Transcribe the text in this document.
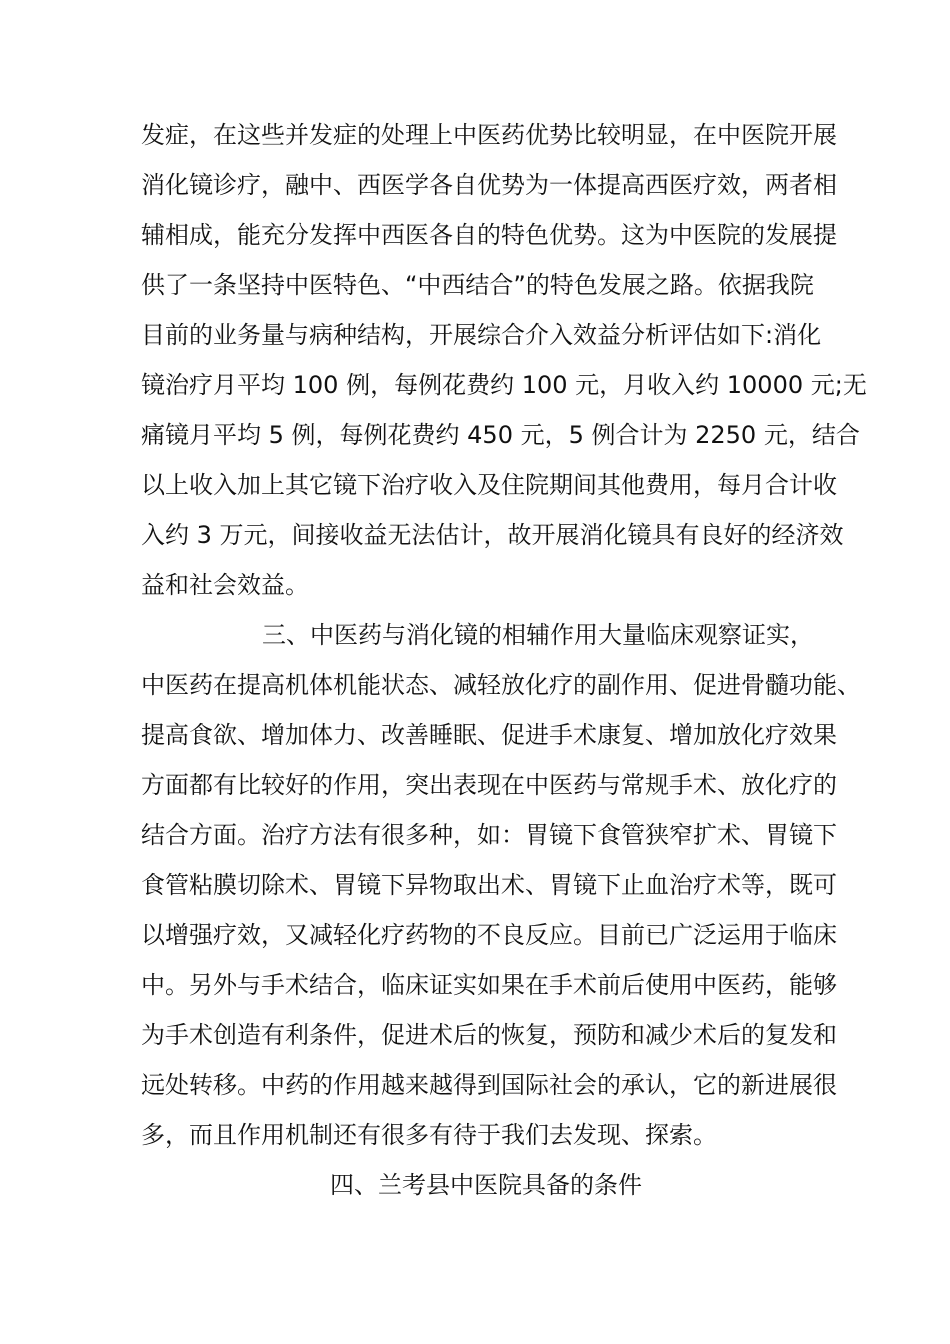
发症，在这些并发症的处理上中医药优势比较明显，在中医院开展
消化镜诊疗，融中、西医学各自优势为一体提高西医疗效，两者相
辅相成，能充分发挥中西医各自的特色优势。这为中医院的发展提
供了一条坚持中医特色、“中西结合”的特色发展之路。依据我院
目前的业务量与病种结构，开展综合介入效益分析评估如下:消化
镜治疗月平均 100 例，每例花费约 100 元，月收入约 10000 元;无
痛镜月平均 5 例，每例花费约 450 元，5 例合计为 2250 元，结合
以上收入加上其它镜下治疗收入及住院期间其他费用，每月合计收
入约 3 万元，间接收益无法估计，故开展消化镜具有良好的经济效
益和社会效益。
三、中医药与消化镜的相辅作用大量临床观察证实，
中医药在提高机体机能状态、减轻放化疗的副作用、促进骨髓功能、
提高食欲、增加体力、改善睡眠、促进手术康复、增加放化疗效果
方面都有比较好的作用，突出表现在中医药与常规手术、放化疗的
结合方面。治疗方法有很多种，如：胃镜下食管狭窄扩术、胃镜下
食管粘膜切除术、胃镜下异物取出术、胃镜下止血治疗术等，既可
以增强疗效，又减轻化疗药物的不良反应。目前已广泛运用于临床
中。另外与手术结合，临床证实如果在手术前后使用中医药，能够
为手术创造有利条件，促进术后的恢复，预防和减少术后的复发和
远处转移。中药的作用越来越得到国际社会的承认，它的新进展很
多，而且作用机制还有很多有待于我们去发现、探索。
四、兰考县中医院具备的条件
